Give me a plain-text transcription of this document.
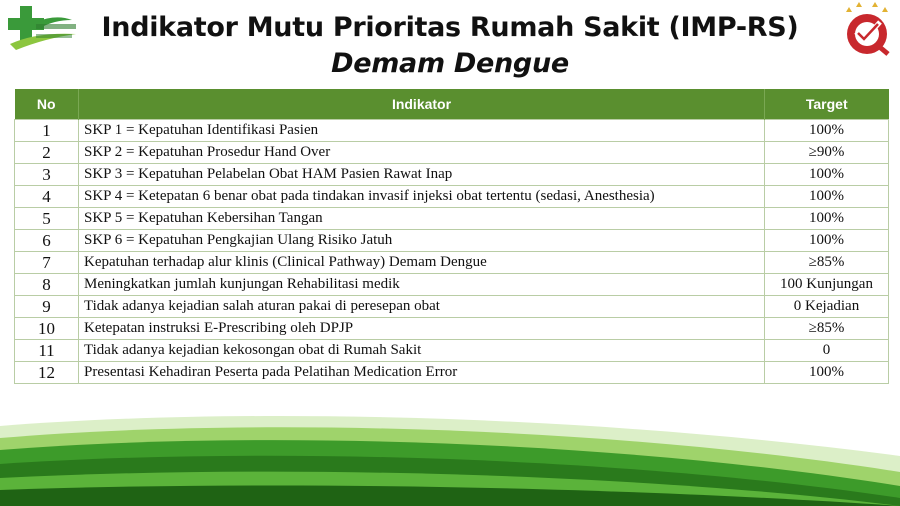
Indikator Mutu Prioritas Rumah Sakit (IMP-RS)
Demam Dengue
No	Indikator	Target
1	SKP 1 = Kepatuhan Identifikasi Pasien	100%
2	SKP 2 = Kepatuhan Prosedur Hand Over	≥90%
3	SKP 3 = Kepatuhan Pelabelan Obat HAM Pasien Rawat Inap	100%
4	SKP 4 = Ketepatan 6 benar obat pada tindakan invasif injeksi obat tertentu (sedasi, Anesthesia)	100%
5	SKP 5 = Kepatuhan Kebersihan Tangan	100%
6	SKP 6 = Kepatuhan Pengkajian Ulang Risiko Jatuh	100%
7	Kepatuhan terhadap alur klinis (Clinical Pathway) Demam Dengue	≥85%
8	Meningkatkan jumlah kunjungan Rehabilitasi medik	100 Kunjungan
9	Tidak adanya kejadian salah aturan pakai di peresepan obat	0 Kejadian
10	Ketepatan instruksi E-Prescribing oleh DPJP	≥85%
11	Tidak adanya kejadian kekosongan obat di Rumah Sakit	0
12	Presentasi Kehadiran Peserta pada Pelatihan Medication Error	100%
